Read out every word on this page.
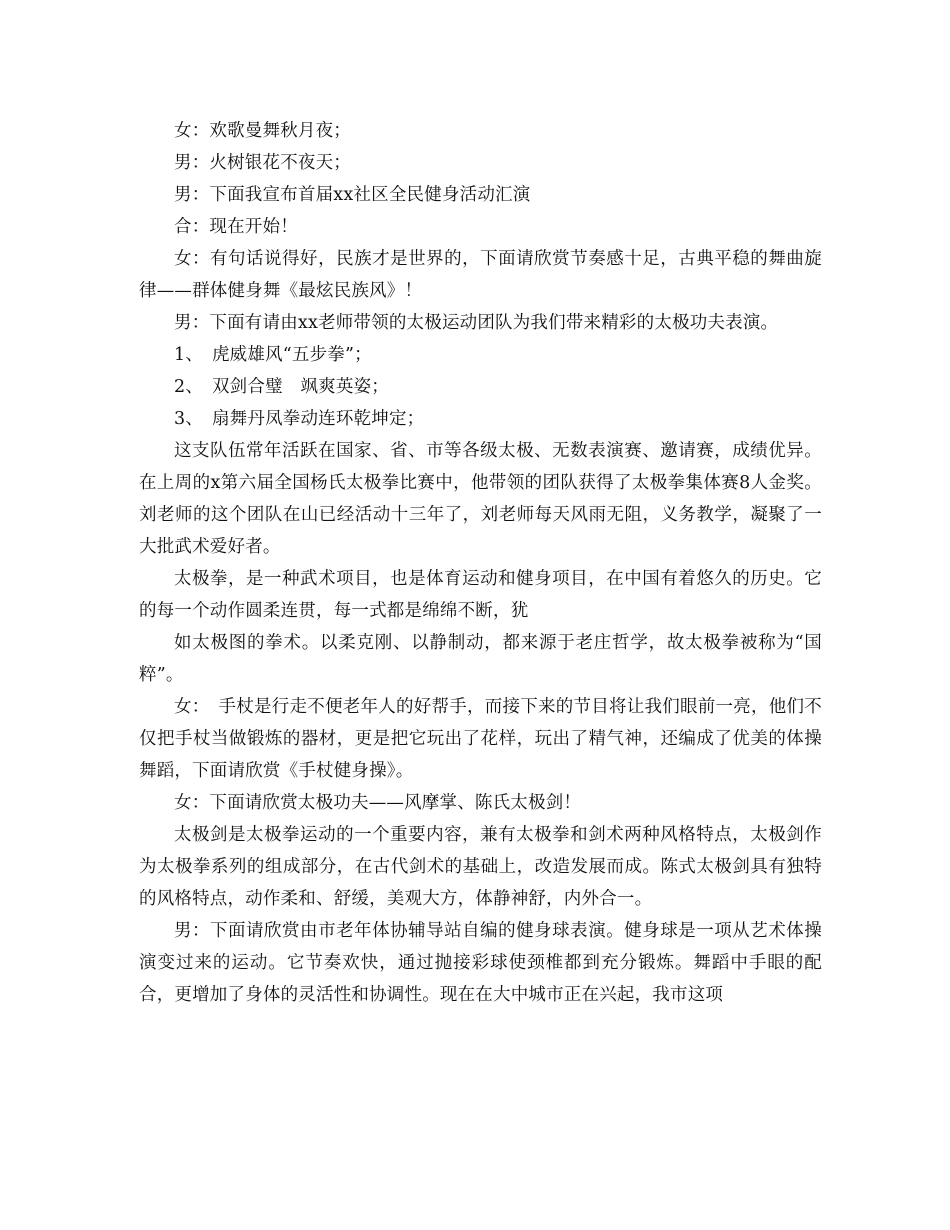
女：欢歌曼舞秋月夜；

男：火树银花不夜天；

男：下面我宣布首届xx社区全民健身活动汇演

合：现在开始！

女：有句话说得好，民族才是世界的，下面请欣赏节奏感十足，古典平稳的舞曲旋律——群体健身舞《最炫民族风》！

男：下面有请由xx老师带领的太极运动团队为我们带来精彩的太极功夫表演。

1、　虎威雄风“五步拳”；

2、　双剑合璧　飒爽英姿；

3、　扇舞丹凤拳动连环乾坤定；

这支队伍常年活跃在国家、省、市等各级太极、无数表演赛、邀请赛，成绩优异。在上周的x第六届全国杨氏太极拳比赛中，他带领的团队获得了太极拳集体赛8人金奖。刘老师的这个团队在山已经活动十三年了，刘老师每天风雨无阻，义务教学，凝聚了一大批武术爱好者。

太极拳，是一种武术项目，也是体育运动和健身项目，在中国有着悠久的历史。它的每一个动作圆柔连贯，每一式都是绵绵不断，犹

如太极图的拳术。以柔克刚、以静制动，都来源于老庄哲学，故太极拳被称为“国粹”。

女：　手杖是行走不便老年人的好帮手，而接下来的节目将让我们眼前一亮，他们不仅把手杖当做锻炼的器材，更是把它玩出了花样，玩出了精气神，还编成了优美的体操舞蹈，下面请欣赏《手杖健身操》。

女：下面请欣赏太极功夫——风摩掌、陈氏太极剑！

太极剑是太极拳运动的一个重要内容，兼有太极拳和剑术两种风格特点，太极剑作为太极拳系列的组成部分，在古代剑术的基础上，改造发展而成。陈式太极剑具有独特的风格特点，动作柔和、舒缓，美观大方，体静神舒，内外合一。

男：下面请欣赏由市老年体协辅导站自编的健身球表演。健身球是一项从艺术体操演变过来的运动。它节奏欢快，通过抛接彩球使颈椎都到充分锻炼。舞蹈中手眼的配合，更增加了身体的灵活性和协调性。现在在大中城市正在兴起，我市这项
